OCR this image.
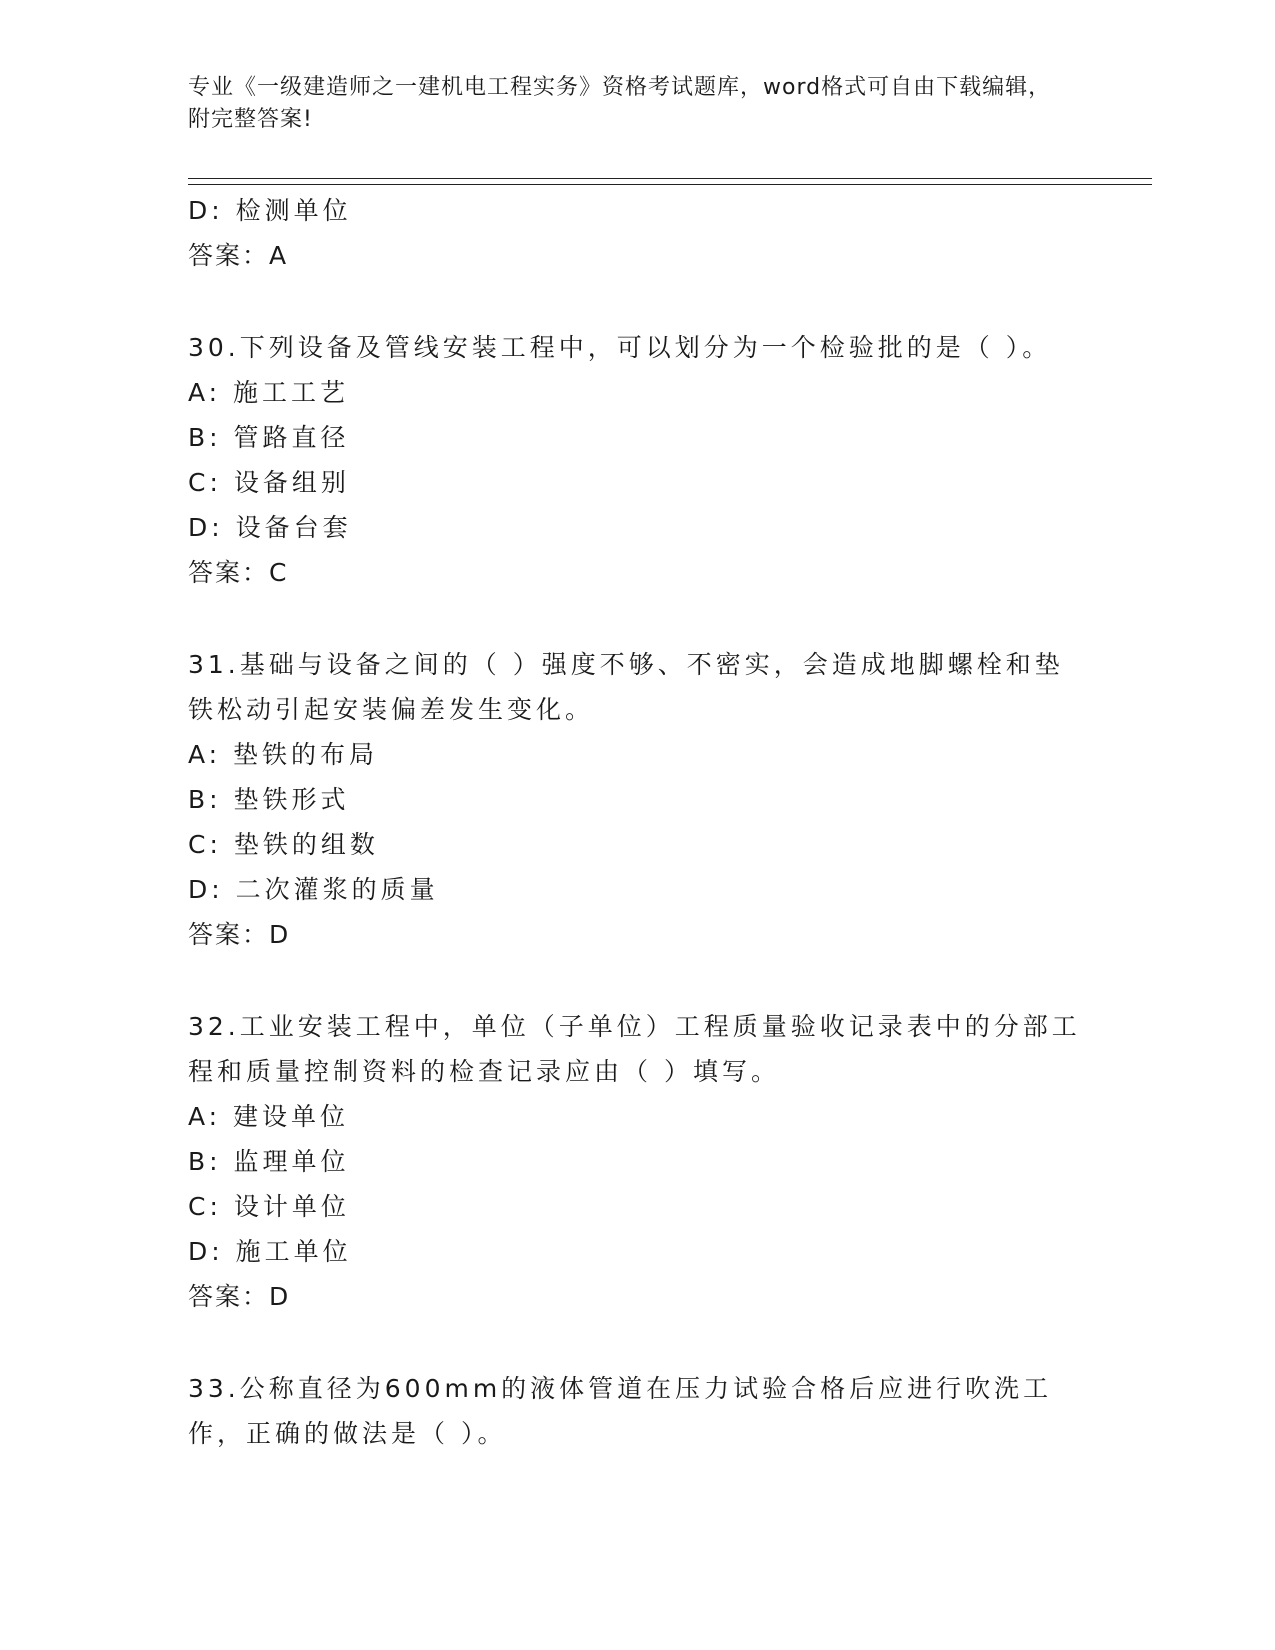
专业《一级建造师之一建机电工程实务》资格考试题库，word格式可自由下载编辑，附完整答案!
D: 检测单位
答案：A
30.下列设备及管线安装工程中，可以划分为一个检验批的是（ ）。
A: 施工工艺
B: 管路直径
C: 设备组别
D: 设备台套
答案：C
31.基础与设备之间的（ ）强度不够、不密实，会造成地脚螺栓和垫铁松动引起安装偏差发生变化。
A: 垫铁的布局
B: 垫铁形式
C: 垫铁的组数
D: 二次灌浆的质量
答案：D
32.工业安装工程中，单位（子单位）工程质量验收记录表中的分部工程和质量控制资料的检查记录应由（ ）填写。
A: 建设单位
B: 监理单位
C: 设计单位
D: 施工单位
答案：D
33.公称直径为600mm的液体管道在压力试验合格后应进行吹洗工作，正确的做法是（ ）。
